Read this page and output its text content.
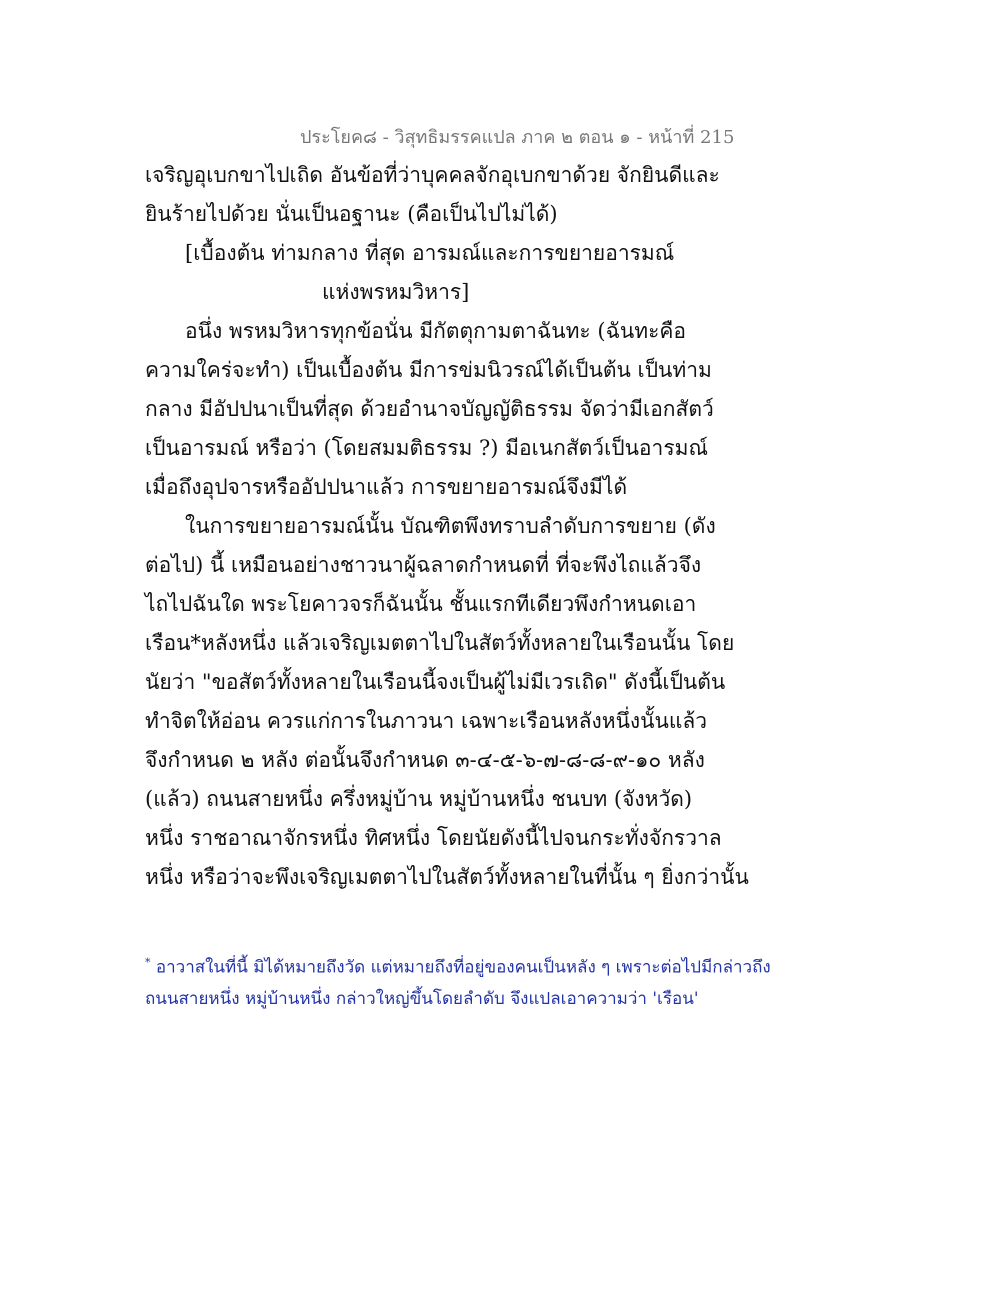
ประโยค๘ - วิสุทธิมรรคแปล ภาค ๒ ตอน ๑ - หน้าที่ 215
เจริญอุเบกขาไปเถิด อันข้อที่ว่าบุคคลจักอุเบกขาด้วย จักยินดีและ
ยินร้ายไปด้วย นั่นเป็นอฐานะ (คือเป็นไปไม่ได้)
[เบื้องต้น ท่ามกลาง ที่สุด อารมณ์และการขยายอารมณ์
แห่งพรหมวิหาร]
อนึ่ง พรหมวิหารทุกข้อนั่น มีกัตตุกามตาฉันทะ (ฉันทะคือ
ความใคร่จะทำ) เป็นเบื้องต้น มีการข่มนิวรณ์ได้เป็นต้น เป็นท่าม
กลาง มีอัปปนาเป็นที่สุด ด้วยอำนาจบัญญัติธรรม จัดว่ามีเอกสัตว์
เป็นอารมณ์ หรือว่า (โดยสมมติธรรม ?) มีอเนกสัตว์เป็นอารมณ์
เมื่อถึงอุปจารหรืออัปปนาแล้ว การขยายอารมณ์จึงมีได้
ในการขยายอารมณ์นั้น บัณฑิตพึงทราบลำดับการขยาย (ดัง
ต่อไป) นี้ เหมือนอย่างชาวนาผู้ฉลาดกำหนดที่ ที่จะพึงไถแล้วจึง
ไถไปฉันใด พระโยคาวจรก็ฉันนั้น ชั้นแรกทีเดียวพึงกำหนดเอา
เรือน*หลังหนึ่ง แล้วเจริญเมตตาไปในสัตว์ทั้งหลายในเรือนนั้น โดย
นัยว่า "ขอสัตว์ทั้งหลายในเรือนนี้จงเป็นผู้ไม่มีเวรเถิด" ดังนี้เป็นต้น
ทำจิตให้อ่อน ควรแก่การในภาวนา เฉพาะเรือนหลังหนึ่งนั้นแล้ว
จึงกำหนด ๒ หลัง ต่อนั้นจึงกำหนด ๓-๔-๕-๖-๗-๘-๘-๙-๑๐ หลัง
(แล้ว) ถนนสายหนึ่ง ครึ่งหมู่บ้าน หมู่บ้านหนึ่ง ชนบท (จังหวัด)
หนึ่ง ราชอาณาจักรหนึ่ง ทิศหนึ่ง โดยนัยดังนี้ไปจนกระทั่งจักรวาล
หนึ่ง หรือว่าจะพึงเจริญเมตตาไปในสัตว์ทั้งหลายในที่นั้น ๆ ยิ่งกว่านั้น
* อาวาสในที่นี้ มิได้หมายถึงวัด แต่หมายถึงที่อยู่ของคนเป็นหลัง ๆ เพราะต่อไปมีกล่าวถึง
ถนนสายหนึ่ง หมู่บ้านหนึ่ง กล่าวใหญ่ขึ้นโดยลำดับ จึงแปลเอาความว่า 'เรือน'
